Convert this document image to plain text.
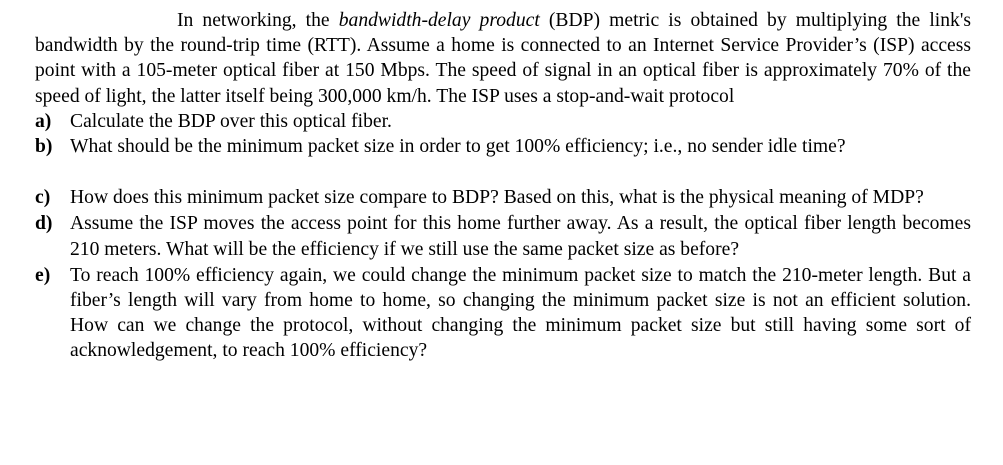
In networking, the bandwidth-delay product (BDP) metric is obtained by multiplying the link's bandwidth by the round-trip time (RTT). Assume a home is connected to an Internet Service Provider’s (ISP) access point with a 105-meter optical fiber at 150 Mbps. The speed of signal in an optical fiber is approximately 70% of the speed of light, the latter itself being 300,000 km/h. The ISP uses a stop-and-wait protocol

a) Calculate the BDP over this optical fiber.
b) What should be the minimum packet size in order to get 100% efficiency; i.e., no sender idle time?
c) How does this minimum packet size compare to BDP? Based on this, what is the physical meaning of MDP?
d) Assume the ISP moves the access point for this home further away. As a result, the optical fiber length becomes 210 meters. What will be the efficiency if we still use the same packet size as before?
e) To reach 100% efficiency again, we could change the minimum packet size to match the 210-meter length. But a fiber’s length will vary from home to home, so changing the minimum packet size is not an efficient solution. How can we change the protocol, without changing the minimum packet size but still having some sort of acknowledgement, to reach 100% efficiency?
